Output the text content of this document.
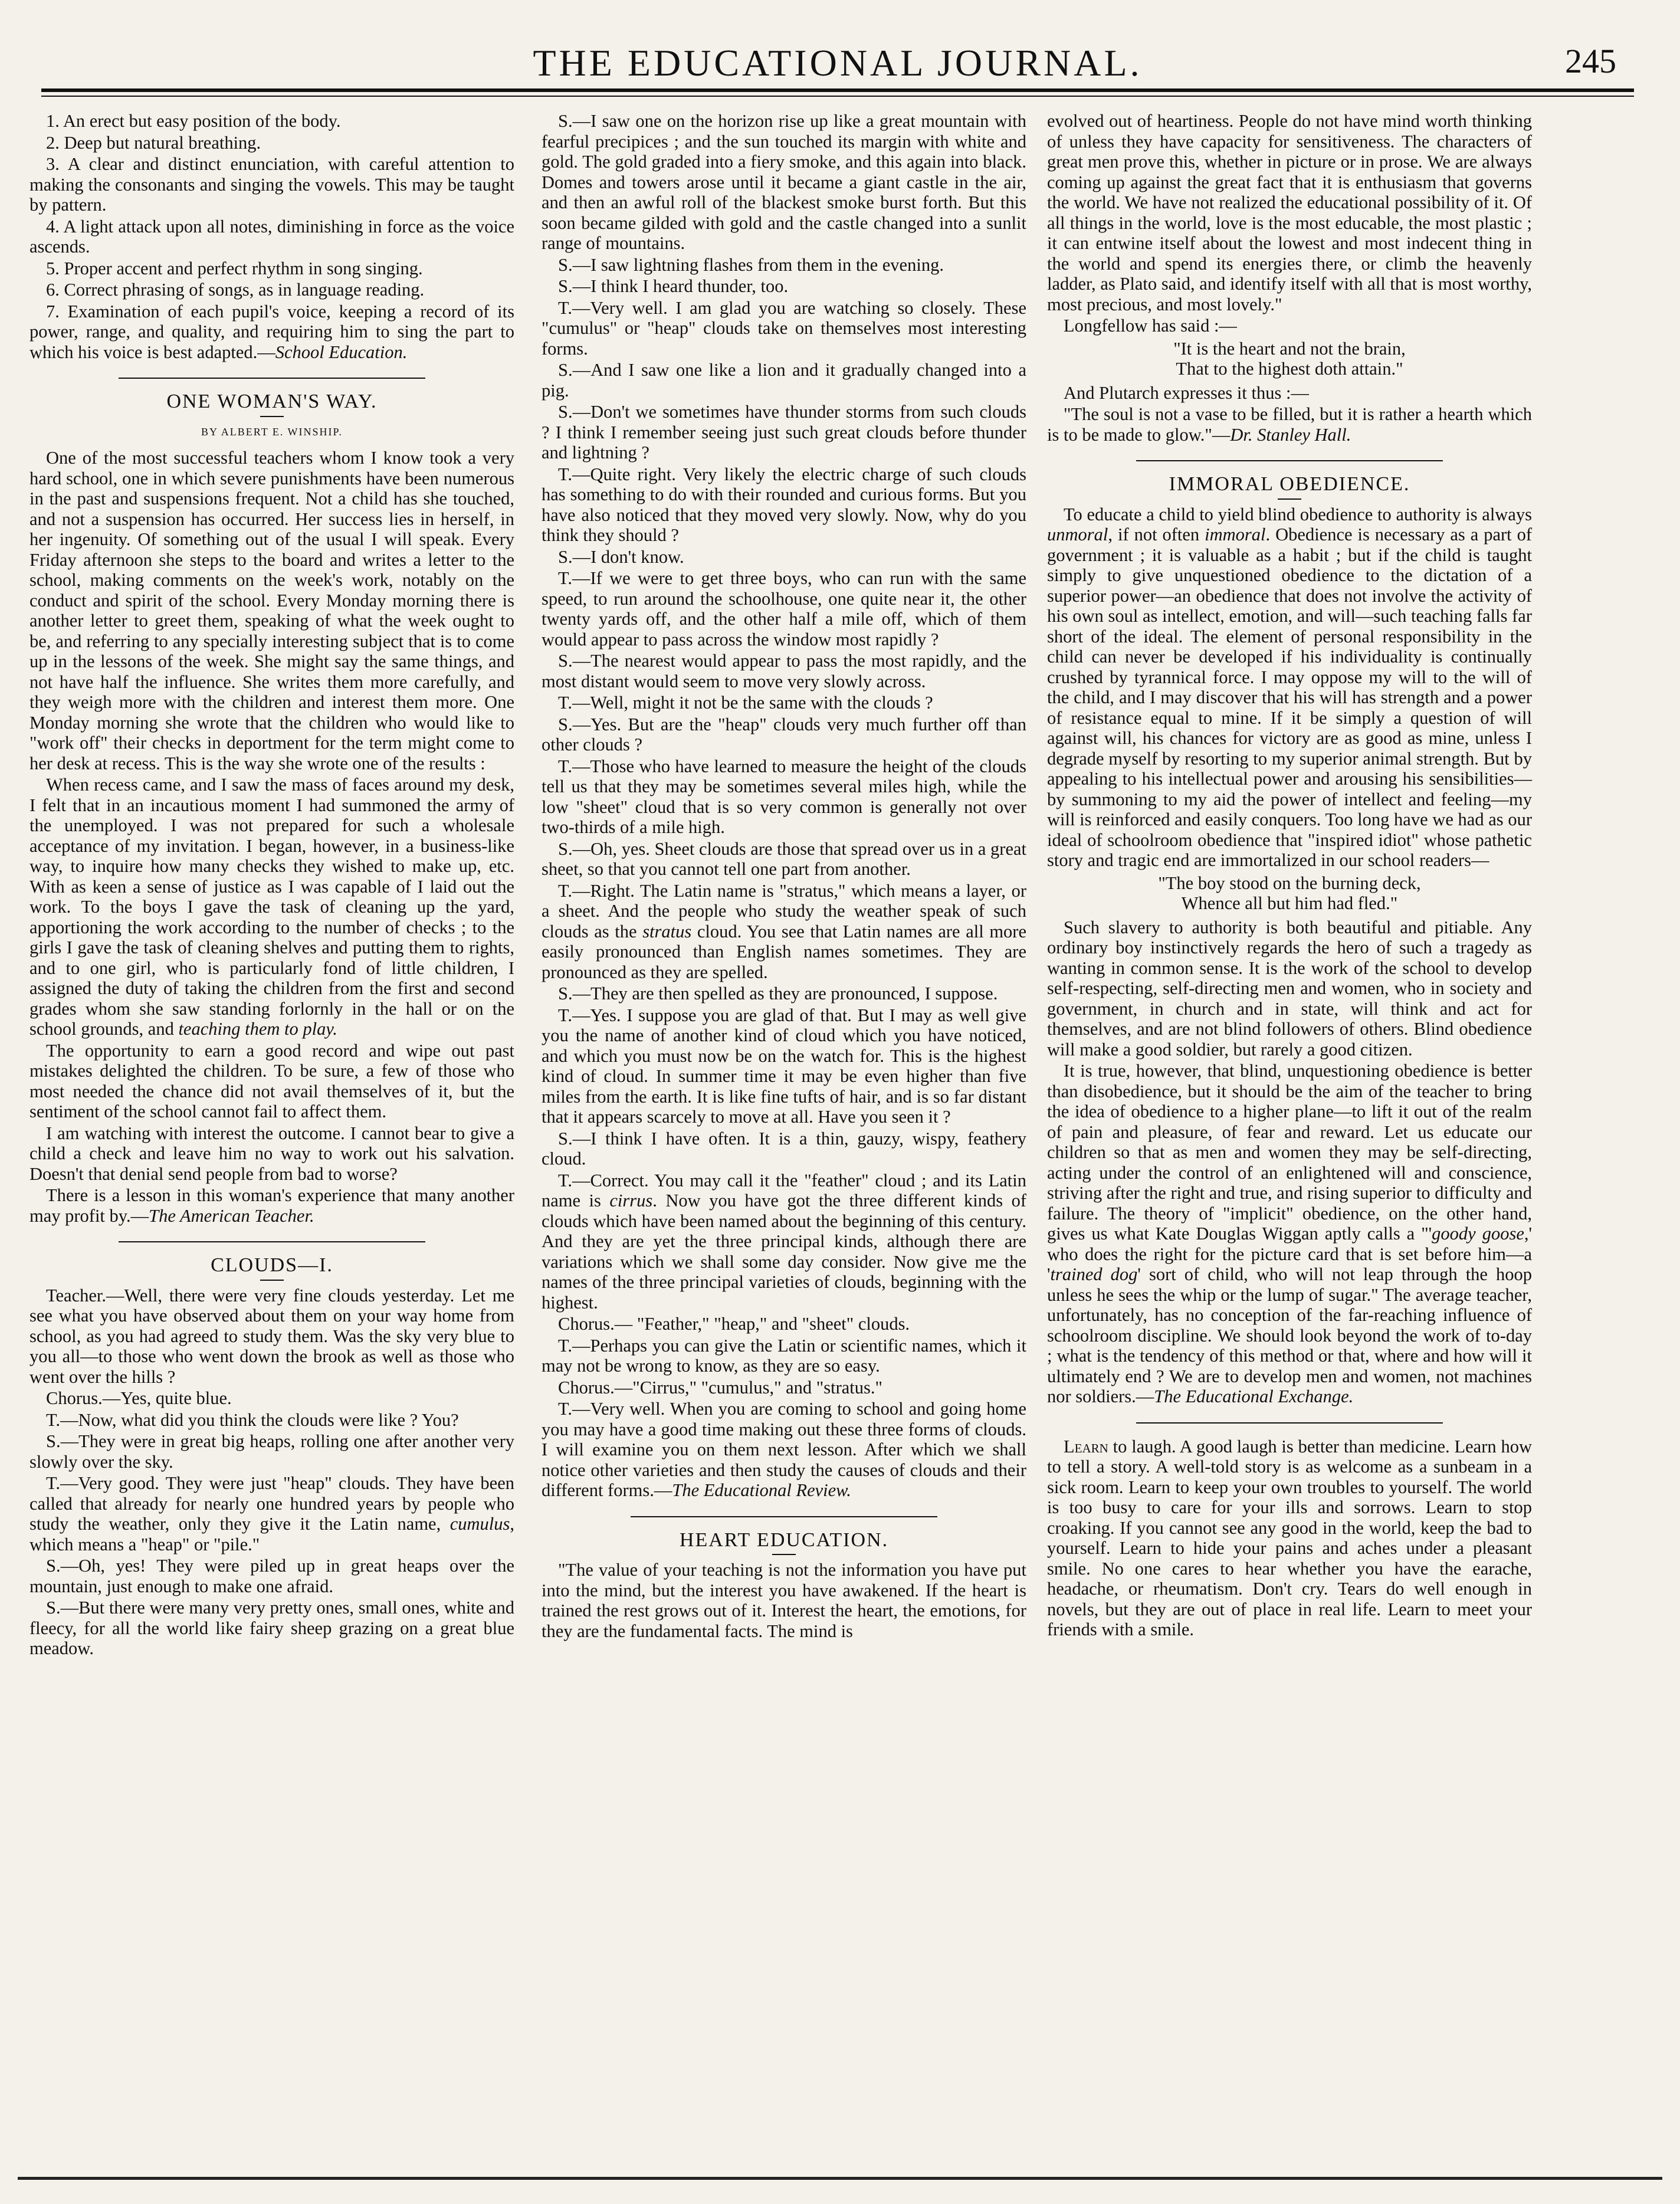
THE EDUCATIONAL JOURNAL.	245

1. An erect but easy position of the body.

2. Deep but natural breathing.

3. A clear and distinct enunciation, with careful attention to making the consonants and singing the vowels. This may be taught by pattern.

4. A light attack upon all notes, diminishing in force as the voice ascends.

5. Proper accent and perfect rhythm in song singing.

6. Correct phrasing of songs, as in language reading.

7. Examination of each pupil's voice, keeping a record of its power, range, and quality, and requiring him to sing the part to which his voice is best adapted.—School Education.

ONE WOMAN'S WAY.
BY ALBERT E. WINSHIP.

One of the most successful teachers whom I know took a very hard school, one in which severe punishments have been numerous in the past and suspensions frequent. Not a child has she touched, and not a suspension has occurred. Her success lies in herself, in her ingenuity. Of something out of the usual I will speak. Every Friday afternoon she steps to the board and writes a letter to the school, making comments on the week's work, notably on the conduct and spirit of the school. Every Monday morning there is another letter to greet them, speaking of what the week ought to be, and referring to any specially interesting subject that is to come up in the lessons of the week. She might say the same things, and not have half the influence. She writes them more carefully, and they weigh more with the children and interest them more. One Monday morning she wrote that the children who would like to "work off" their checks in deportment for the term might come to her desk at recess. This is the way she wrote one of the results :

When recess came, and I saw the mass of faces around my desk, I felt that in an incautious moment I had summoned the army of the unemployed. I was not prepared for such a wholesale acceptance of my invitation. I began, however, in a business-like way, to inquire how many checks they wished to make up, etc. With as keen a sense of justice as I was capable of I laid out the work. To the boys I gave the task of cleaning up the yard, apportioning the work according to the number of checks ; to the girls I gave the task of cleaning shelves and putting them to rights, and to one girl, who is particularly fond of little children, I assigned the duty of taking the children from the first and second grades whom she saw standing forlornly in the hall or on the school grounds, and teaching them to play.

The opportunity to earn a good record and wipe out past mistakes delighted the children. To be sure, a few of those who most needed the chance did not avail themselves of it, but the sentiment of the school cannot fail to affect them.

I am watching with interest the outcome. I cannot bear to give a child a check and leave him no way to work out his salvation. Doesn't that denial send people from bad to worse?

There is a lesson in this woman's experience that many another may profit by.—The American Teacher.

CLOUDS—I.

Teacher.—Well, there were very fine clouds yesterday. Let me see what you have observed about them on your way home from school, as you had agreed to study them. Was the sky very blue to you all—to those who went down the brook as well as those who went over the hills ?

Chorus.—Yes, quite blue.

T.—Now, what did you think the clouds were like ? You?

S.—They were in great big heaps, rolling one after another very slowly over the sky.

T.—Very good. They were just "heap" clouds. They have been called that already for nearly one hundred years by people who study the weather, only they give it the Latin name, cumulus, which means a "heap" or "pile."

S.—Oh, yes! They were piled up in great heaps over the mountain, just enough to make one afraid.

S.—But there were many very pretty ones, small ones, white and fleecy, for all the world like fairy sheep grazing on a great blue meadow.

S.—I saw one on the horizon rise up like a great mountain with fearful precipices ; and the sun touched its margin with white and gold. The gold graded into a fiery smoke, and this again into black. Domes and towers arose until it became a giant castle in the air, and then an awful roll of the blackest smoke burst forth. But this soon became gilded with gold and the castle changed into a sunlit range of mountains.

S.—I saw lightning flashes from them in the evening.

S.—I think I heard thunder, too.

T.—Very well. I am glad you are watching so closely. These "cumulus" or "heap" clouds take on themselves most interesting forms.

S.—And I saw one like a lion and it gradually changed into a pig.

S.—Don't we sometimes have thunder storms from such clouds ? I think I remember seeing just such great clouds before thunder and lightning ?

T.—Quite right. Very likely the electric charge of such clouds has something to do with their rounded and curious forms. But you have also noticed that they moved very slowly. Now, why do you think they should ?

S.—I don't know.

T.—If we were to get three boys, who can run with the same speed, to run around the schoolhouse, one quite near it, the other twenty yards off, and the other half a mile off, which of them would appear to pass across the window most rapidly ?

S.—The nearest would appear to pass the most rapidly, and the most distant would seem to move very slowly across.

T.—Well, might it not be the same with the clouds ?

S.—Yes. But are the "heap" clouds very much further off than other clouds ?

T.—Those who have learned to measure the height of the clouds tell us that they may be sometimes several miles high, while the low "sheet" cloud that is so very common is generally not over two-thirds of a mile high.

S.—Oh, yes. Sheet clouds are those that spread over us in a great sheet, so that you cannot tell one part from another.

T.—Right. The Latin name is "stratus," which means a layer, or a sheet. And the people who study the weather speak of such clouds as the stratus cloud. You see that Latin names are all more easily pronounced than English names sometimes. They are pronounced as they are spelled.

S.—They are then spelled as they are pronounced, I suppose.

T.—Yes. I suppose you are glad of that. But I may as well give you the name of another kind of cloud which you have noticed, and which you must now be on the watch for. This is the highest kind of cloud. In summer time it may be even higher than five miles from the earth. It is like fine tufts of hair, and is so far distant that it appears scarcely to move at all. Have you seen it ?

S.—I think I have often. It is a thin, gauzy, wispy, feathery cloud.

T.—Correct. You may call it the "feather" cloud ; and its Latin name is cirrus. Now you have got the three different kinds of clouds which have been named about the beginning of this century. And they are yet the three principal kinds, although there are variations which we shall some day consider. Now give me the names of the three principal varieties of clouds, beginning with the highest.

Chorus.— "Feather," "heap," and "sheet" clouds.

T.—Perhaps you can give the Latin or scientific names, which it may not be wrong to know, as they are so easy.

Chorus.—"Cirrus," "cumulus," and "stratus."

T.—Very well. When you are coming to school and going home you may have a good time making out these three forms of clouds. I will examine you on them next lesson. After which we shall notice other varieties and then study the causes of clouds and their different forms.—The Educational Review.

HEART EDUCATION.

"The value of your teaching is not the information you have put into the mind, but the interest you have awakened. If the heart is trained the rest grows out of it. Interest the heart, the emotions, for they are the fundamental facts. The mind is

evolved out of heartiness. People do not have mind worth thinking of unless they have capacity for sensitiveness. The characters of great men prove this, whether in picture or in prose. We are always coming up against the great fact that it is enthusiasm that governs the world. We have not realized the educational possibility of it. Of all things in the world, love is the most educable, the most plastic ; it can entwine itself about the lowest and most indecent thing in the world and spend its energies there, or climb the heavenly ladder, as Plato said, and identify itself with all that is most worthy, most precious, and most lovely."

Longfellow has said :—

"It is the heart and not the brain,
That to the highest doth attain."

And Plutarch expresses it thus :—

"The soul is not a vase to be filled, but it is rather a hearth which is to be made to glow."—Dr. Stanley Hall.

IMMORAL OBEDIENCE.

To educate a child to yield blind obedience to authority is always unmoral, if not often immoral. Obedience is necessary as a part of government ; it is valuable as a habit ; but if the child is taught simply to give unquestioned obedience to the dictation of a superior power—an obedience that does not involve the activity of his own soul as intellect, emotion, and will—such teaching falls far short of the ideal. The element of personal responsibility in the child can never be developed if his individuality is continually crushed by tyrannical force. I may oppose my will to the will of the child, and I may discover that his will has strength and a power of resistance equal to mine. If it be simply a question of will against will, his chances for victory are as good as mine, unless I degrade myself by resorting to my superior animal strength. But by appealing to his intellectual power and arousing his sensibilities—by summoning to my aid the power of intellect and feeling—my will is reinforced and easily conquers. Too long have we had as our ideal of schoolroom obedience that "inspired idiot" whose pathetic story and tragic end are immortalized in our school readers—

"The boy stood on the burning deck,
Whence all but him had fled."

Such slavery to authority is both beautiful and pitiable. Any ordinary boy instinctively regards the hero of such a tragedy as wanting in common sense. It is the work of the school to develop self-respecting, self-directing men and women, who in society and government, in church and in state, will think and act for themselves, and are not blind followers of others. Blind obedience will make a good soldier, but rarely a good citizen.

It is true, however, that blind, unquestioning obedience is better than disobedience, but it should be the aim of the teacher to bring the idea of obedience to a higher plane—to lift it out of the realm of pain and pleasure, of fear and reward. Let us educate our children so that as men and women they may be self-directing, acting under the control of an enlightened will and conscience, striving after the right and true, and rising superior to difficulty and failure. The theory of "implicit" obedience, on the other hand, gives us what Kate Douglas Wiggan aptly calls a "'goody goose,' who does the right for the picture card that is set before him—a 'trained dog' sort of child, who will not leap through the hoop unless he sees the whip or the lump of sugar." The average teacher, unfortunately, has no conception of the far-reaching influence of schoolroom discipline. We should look beyond the work of to-day ; what is the tendency of this method or that, where and how will it ultimately end ? We are to develop men and women, not machines nor soldiers.—The Educational Exchange.

Learn to laugh. A good laugh is better than medicine. Learn how to tell a story. A well-told story is as welcome as a sunbeam in a sick room. Learn to keep your own troubles to yourself. The world is too busy to care for your ills and sorrows. Learn to stop croaking. If you cannot see any good in the world, keep the bad to yourself. Learn to hide your pains and aches under a pleasant smile. No one cares to hear whether you have the earache, headache, or rheumatism. Don't cry. Tears do well enough in novels, but they are out of place in real life. Learn to meet your friends with a smile.
